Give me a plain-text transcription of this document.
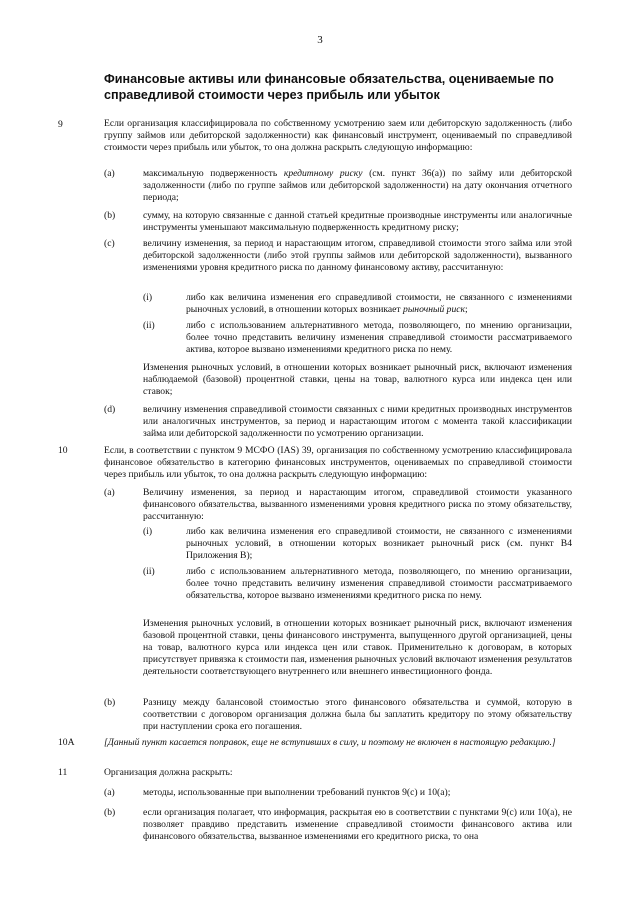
3
Финансовые активы или финансовые обязательства, оцениваемые по справедливой стоимости через прибыль или убыток
9	Если организация классифицировала по собственному усмотрению заем или дебиторскую задолженность (либо группу займов или дебиторской задолженности) как финансовый инструмент, оцениваемый по справедливой стоимости через прибыль или убыток, то она должна раскрыть следующую информацию:
(a)	максимальную подверженность кредитному риску (см. пункт 36(a)) по займу или дебиторской задолженности (либо по группе займов или дебиторской задолженности) на дату окончания отчетного периода;
(b)	сумму, на которую связанные с данной статьей кредитные производные инструменты или аналогичные инструменты уменьшают максимальную подверженность кредитному риску;
(c)	величину изменения, за период и нарастающим итогом, справедливой стоимости этого займа или этой дебиторской задолженности (либо этой группы займов или дебиторской задолженности), вызванного изменениями уровня кредитного риска по данному финансовому активу, рассчитанную:
(i)	либо как величина изменения его справедливой стоимости, не связанного с изменениями рыночных условий, в отношении которых возникает рыночный риск;
(ii)	либо с использованием альтернативного метода, позволяющего, по мнению организации, более точно представить величину изменения справедливой стоимости рассматриваемого актива, которое вызвано изменениями кредитного риска по нему.
Изменения рыночных условий, в отношении которых возникает рыночный риск, включают изменения наблюдаемой (базовой) процентной ставки, цены на товар, валютного курса или индекса цен или ставок;
(d)	величину изменения справедливой стоимости связанных с ними кредитных производных инструментов или аналогичных инструментов, за период и нарастающим итогом с момента такой классификации займа или дебиторской задолженности по усмотрению организации.
10	Если, в соответствии с пунктом 9 МСФО (IAS) 39, организация по собственному усмотрению классифицировала финансовое обязательство в категорию финансовых инструментов, оцениваемых по справедливой стоимости через прибыль или убыток, то она должна раскрыть следующую информацию:
(a)	Величину изменения, за период и нарастающим итогом, справедливой стоимости указанного финансового обязательства, вызванного изменениями уровня кредитного риска по этому обязательству, рассчитанную:
(i)	либо как величина изменения его справедливой стоимости, не связанного с изменениями рыночных условий, в отношении которых возникает рыночный риск (см. пункт B4 Приложения B);
(ii)	либо с использованием альтернативного метода, позволяющего, по мнению организации, более точно представить величину изменения справедливой стоимости рассматриваемого обязательства, которое вызвано изменениями кредитного риска по нему.
Изменения рыночных условий, в отношении которых возникает рыночный риск, включают изменения базовой процентной ставки, цены финансового инструмента, выпущенного другой организацией, цены на товар, валютного курса или индекса цен или ставок. Применительно к договорам, в которых присутствует привязка к стоимости пая, изменения рыночных условий включают изменения результатов деятельности соответствующего внутреннего или внешнего инвестиционного фонда.
(b)	Разницу между балансовой стоимостью этого финансового обязательства и суммой, которую в соответствии с договором организация должна была бы заплатить кредитору по этому обязательству при наступлении срока его погашения.
10A	[Данный пункт касается поправок, еще не вступивших в силу, и поэтому не включен в настоящую редакцию.]
11	Организация должна раскрыть:
(a)	методы, использованные при выполнении требований пунктов 9(c) и 10(a);
(b)	если организация полагает, что информация, раскрытая ею в соответствии с пунктами 9(c) или 10(a), не позволяет правдиво представить изменение справедливой стоимости финансового актива или финансового обязательства, вызванное изменениями его кредитного риска, то она
